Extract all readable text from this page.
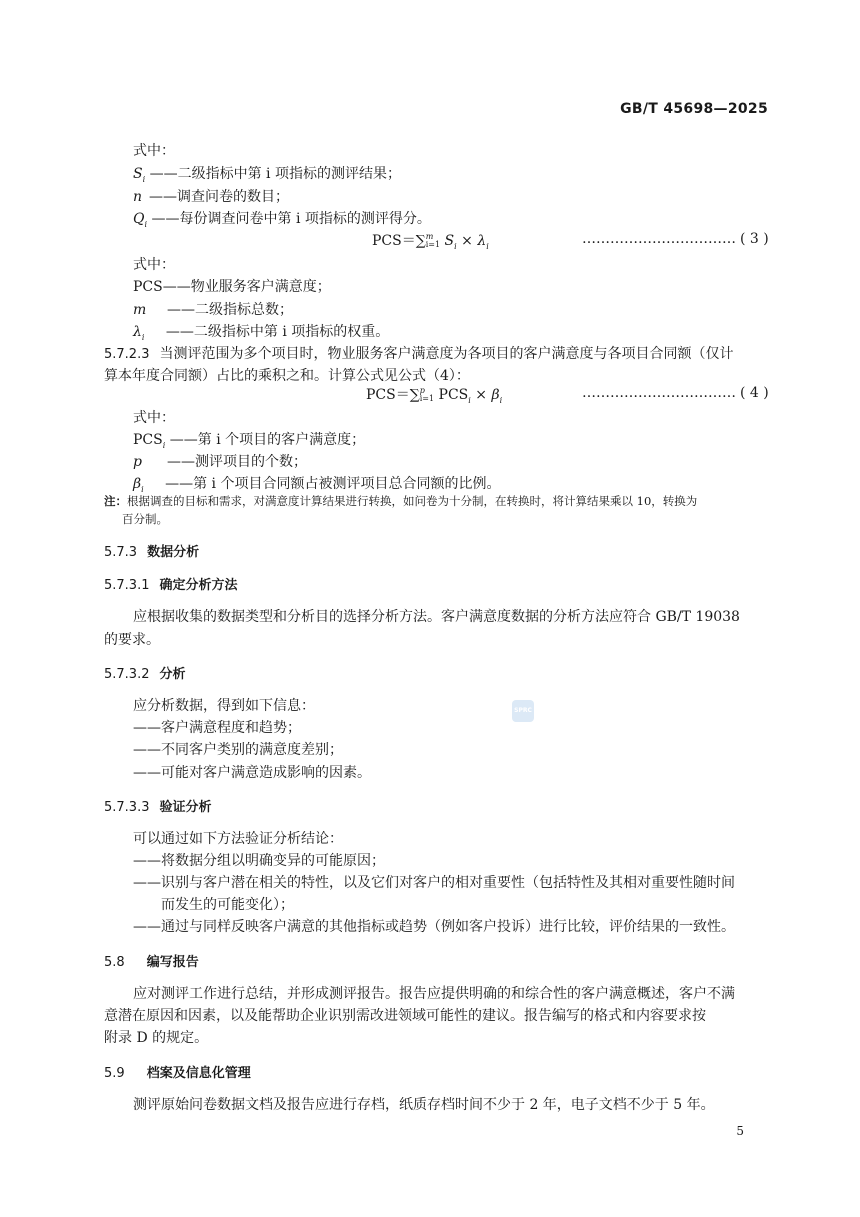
GB/T 45698—2025
式中：
$S_i$ ——二级指标中第 i 项指标的测评结果；
n ——调查问卷的数目；
$Q_i$ ——每份调查问卷中第 i 项指标的测评得分。
PCS＝∑ m
i=1 $S_i \times \lambda_i$	…………………………… ( 3 )
式中：
PCS——物业服务客户满意度；
m ——二级指标总数；
$\lambda_i$ ——二级指标中第 i 项指标的权重。
5.7.2.3 当测评范围为多个项目时，物业服务客户满意度为各项目的客户满意度与各项目合同额（仅计
算本年度合同额）占比的乘积之和。计算公式见公式（4）：
PCS＝∑ p
i=1 $PCS_i \times \beta_i$	…………………………… ( 4 )
式中：
$PCS_i$ ——第 i 个项目的客户满意度；
p ——测评项目的个数；
$\beta_i$ ——第 i 个项目合同额占被测评项目总合同额的比例。
注：根据调查的目标和需求，对满意度计算结果进行转换，如问卷为十分制，在转换时，将计算结果乘以 10，转换为
百分制。
5.7.3 数据分析
5.7.3.1 确定分析方法
应根据收集的数据类型和分析目的选择分析方法。客户满意度数据的分析方法应符合 GB/T 19038
的要求。
5.7.3.2 分析
应分析数据，得到如下信息：
——客户满意程度和趋势；
——不同客户类别的满意度差别；
——可能对客户满意造成影响的因素。
SPRC
5.7.3.3 验证分析
可以通过如下方法验证分析结论：
——将数据分组以明确变异的可能原因；
——识别与客户潜在相关的特性，以及它们对客户的相对重要性（包括特性及其相对重要性随时间
而发生的可能变化）；
——通过与同样反映客户满意的其他指标或趋势（例如客户投诉）进行比较，评价结果的一致性。
5.8 编写报告
应对测评工作进行总结，并形成测评报告。报告应提供明确的和综合性的客户满意概述，客户不满
意潜在原因和因素，以及能帮助企业识别需改进领域可能性的建议。报告编写的格式和内容要求按
附录 D 的规定。
5.9 档案及信息化管理
测评原始问卷数据文档及报告应进行存档，纸质存档时间不少于 2 年，电子文档不少于 5 年。
5
